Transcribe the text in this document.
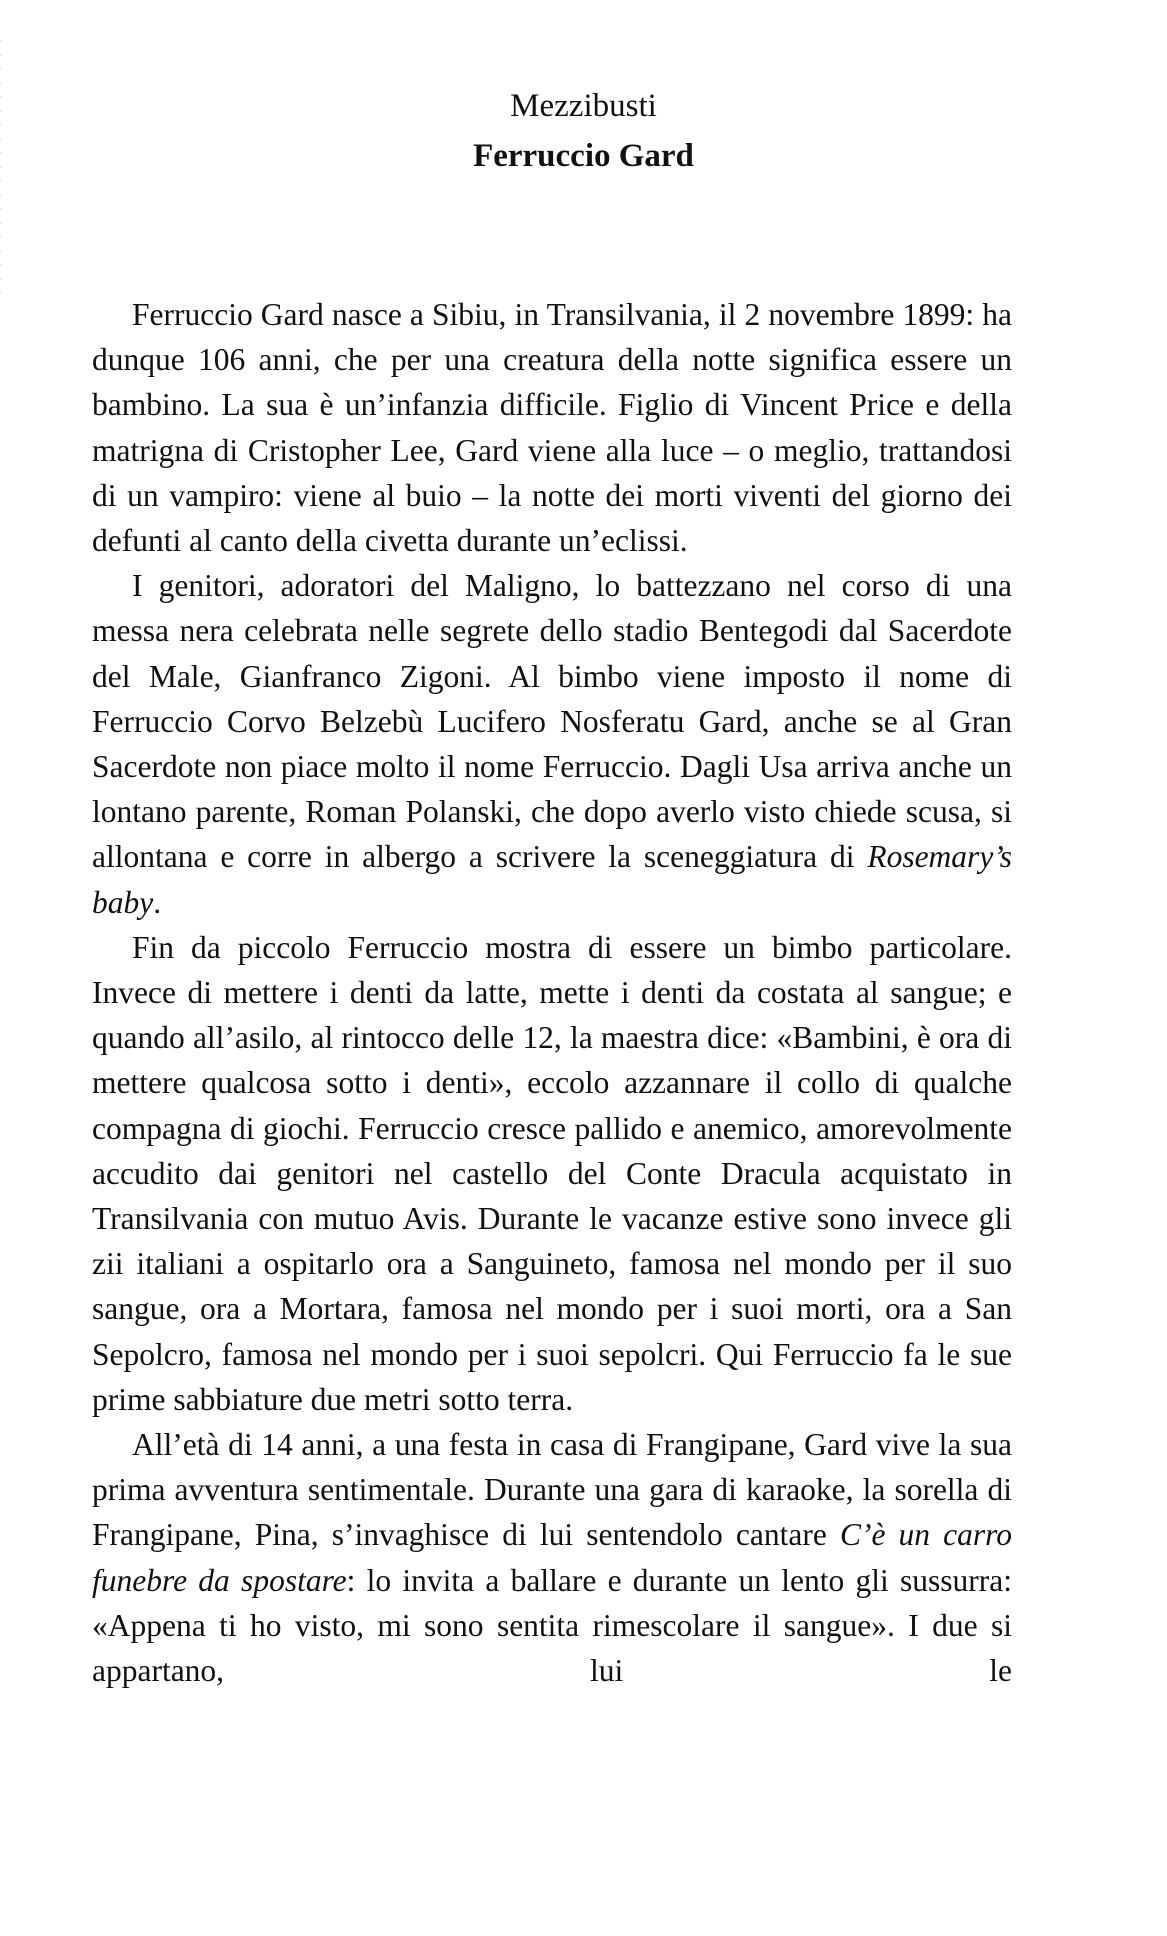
Mezzibusti
Ferruccio Gard

Ferruccio Gard nasce a Sibiu, in Transilvania, il 2 novembre 1899: ha dunque 106 anni, che per una creatura della notte significa essere un bambino. La sua è un’infanzia difficile. Figlio di Vincent Price e della matrigna di Cristopher Lee, Gard viene alla luce – o meglio, trattandosi di un vampiro: viene al buio – la notte dei morti viventi del giorno dei defunti al canto della civetta durante un’eclissi.

I genitori, adoratori del Maligno, lo battezzano nel corso di una messa nera celebrata nelle segrete dello stadio Bentegodi dal Sacerdote del Male, Gianfranco Zigoni. Al bimbo viene imposto il nome di Ferruccio Corvo Belzebù Lucifero Nosferatu Gard, anche se al Gran Sacerdote non piace molto il nome Ferruccio. Dagli Usa arriva anche un lontano parente, Roman Polanski, che dopo averlo visto chiede scusa, si allontana e corre in albergo a scrivere la sceneggiatura di Rosemary’s baby.

Fin da piccolo Ferruccio mostra di essere un bimbo particolare. Invece di mettere i denti da latte, mette i denti da costata al sangue; e quando all’asilo, al rintocco delle 12, la maestra dice: «Bambini, è ora di mettere qualcosa sotto i denti», eccolo azzannare il collo di qualche compagna di giochi. Ferruccio cresce pallido e anemico, amorevolmente accudito dai genitori nel castello del Conte Dracula acquistato in Transilvania con mutuo Avis. Durante le vacanze estive sono invece gli zii italiani a ospitarlo ora a Sanguineto, famosa nel mondo per il suo sangue, ora a Mortara, famosa nel mondo per i suoi morti, ora a San Sepolcro, famosa nel mondo per i suoi sepolcri. Qui Ferruccio fa le sue prime sabbiature due metri sotto terra.

All’età di 14 anni, a una festa in casa di Frangipane, Gard vive la sua prima avventura sentimentale. Durante una gara di karaoke, la sorella di Frangipane, Pina, s’invaghisce di lui sentendolo cantare C’è un carro funebre da spostare: lo invita a ballare e durante un lento gli sussurra: «Appena ti ho visto, mi sono sentita rimescolare il sangue». I due si appartano, lui le
